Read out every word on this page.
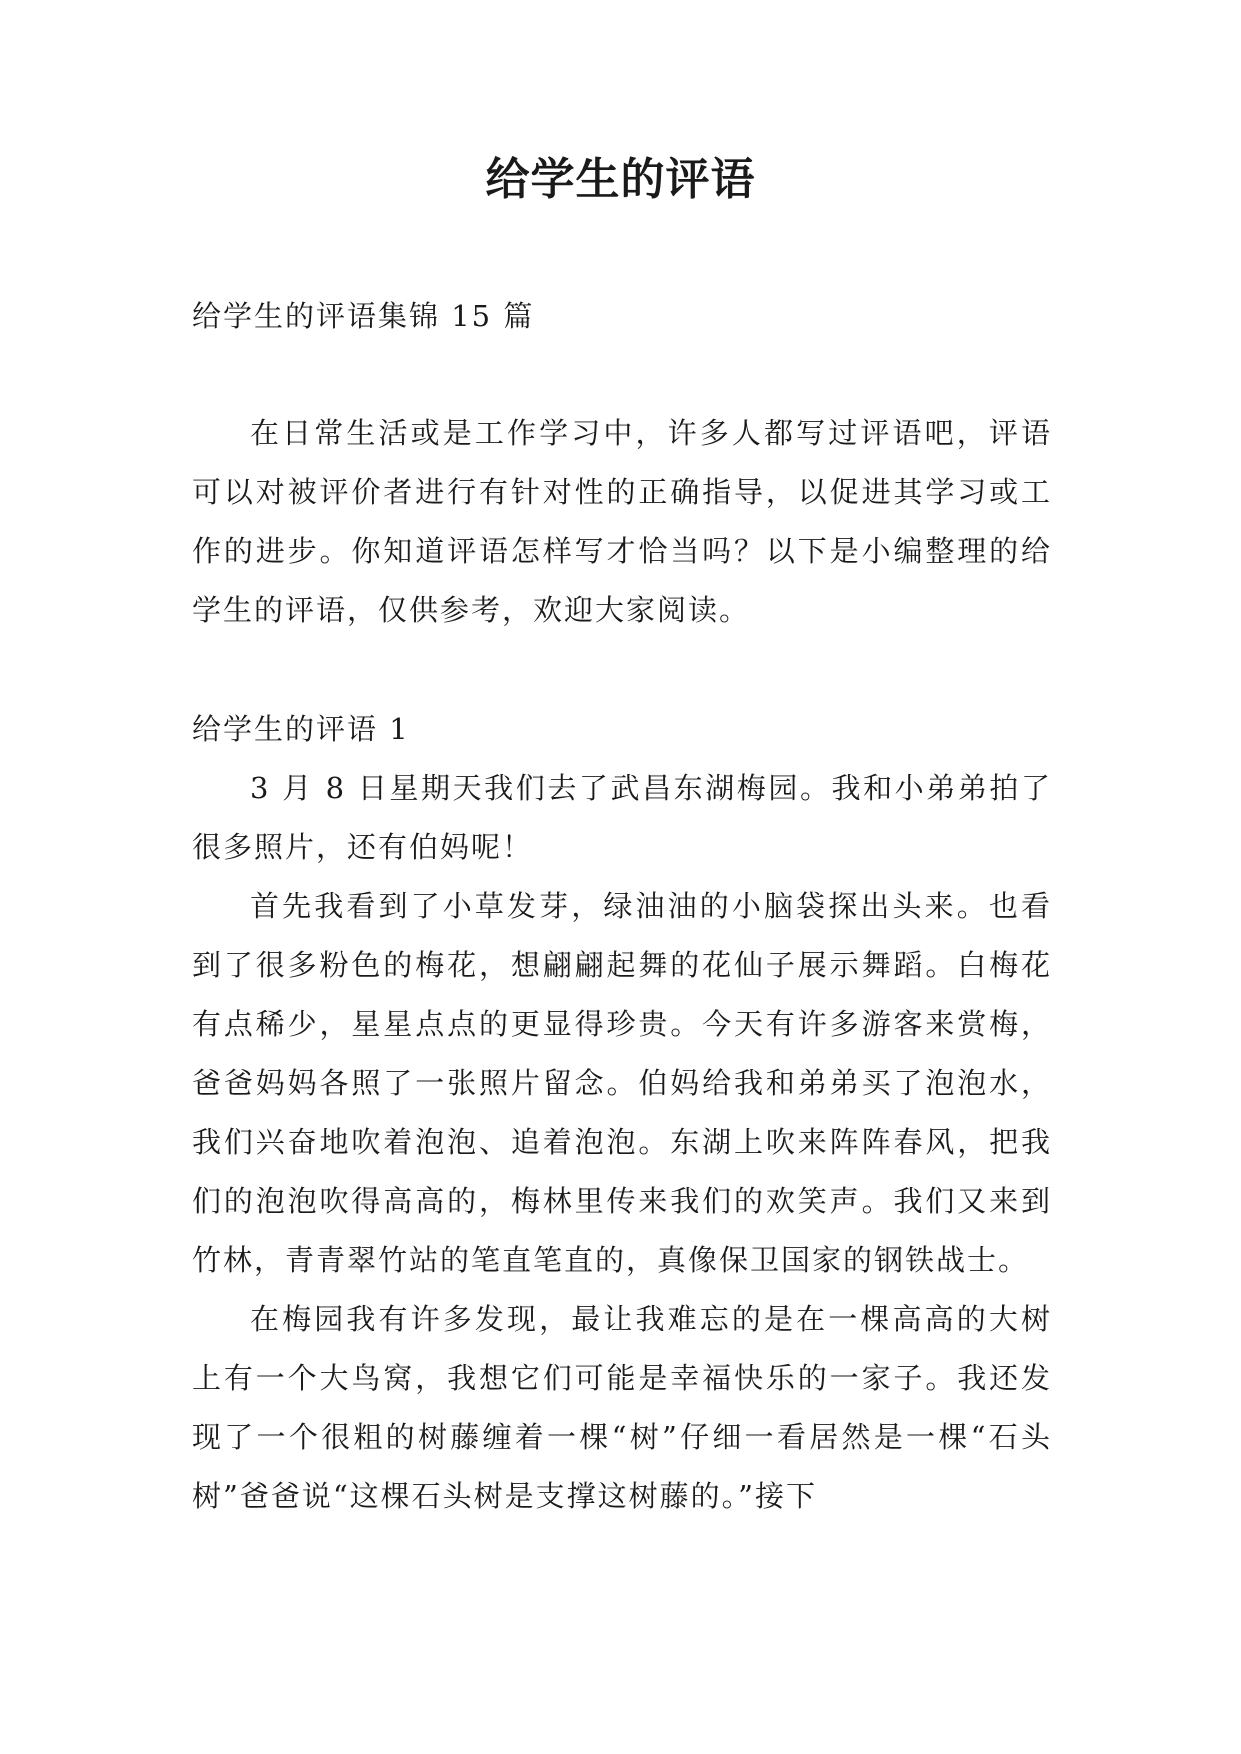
给学生的评语

给学生的评语集锦 15 篇

在日常生活或是工作学习中，许多人都写过评语吧，评语可以对被评价者进行有针对性的正确指导，以促进其学习或工作的进步。你知道评语怎样写才恰当吗？以下是小编整理的给学生的评语，仅供参考，欢迎大家阅读。

给学生的评语 1

3 月 8 日星期天我们去了武昌东湖梅园。我和小弟弟拍了很多照片，还有伯妈呢！

首先我看到了小草发芽，绿油油的小脑袋探出头来。也看到了很多粉色的梅花，想翩翩起舞的花仙子展示舞蹈。白梅花有点稀少，星星点点的更显得珍贵。今天有许多游客来赏梅，爸爸妈妈各照了一张照片留念。伯妈给我和弟弟买了泡泡水，我们兴奋地吹着泡泡、追着泡泡。东湖上吹来阵阵春风，把我们的泡泡吹得高高的，梅林里传来我们的欢笑声。我们又来到竹林，青青翠竹站的笔直笔直的，真像保卫国家的钢铁战士。

在梅园我有许多发现，最让我难忘的是在一棵高高的大树上有一个大鸟窝，我想它们可能是幸福快乐的一家子。我还发现了一个很粗的树藤缠着一棵“树”仔细一看居然是一棵“石头树”爸爸说“这棵石头树是支撑这树藤的。”接下
